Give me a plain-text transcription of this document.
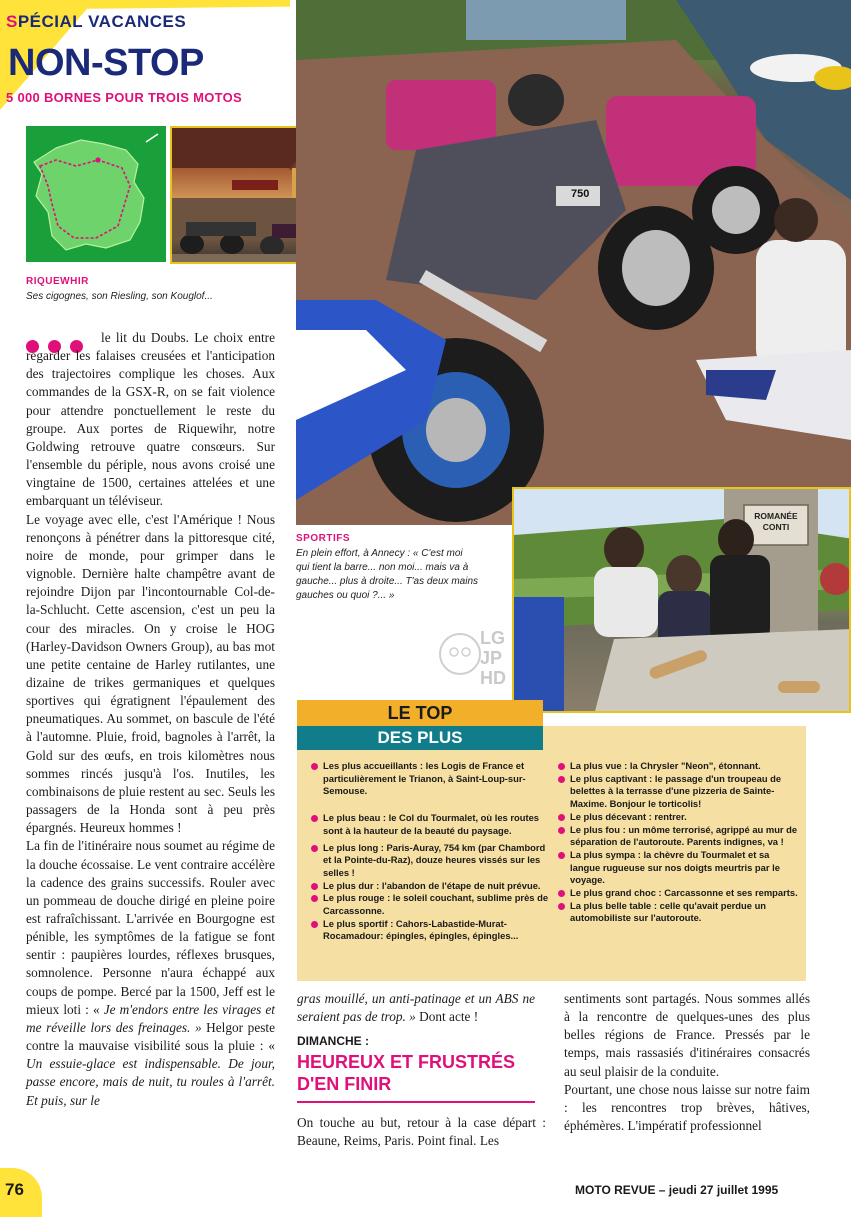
SPÉCIAL VACANCES
NON-STOP
5 000 BORNES POUR TROIS MOTOS
RIQUEWHIR
Ses cigognes, son Riesling, son Kouglof...
750
SPORTIFS
En plein effort, à Annecy : « C'est moi
qui tient la barre... non moi... mais va à
gauche... plus à droite... T'as deux mains
gauches ou quoi ?... »
ROMANÉE CONTI
LG
JP
HD

le lit du Doubs. Le choix entre regarder les falaises creusées et l'anticipation des trajectoires complique les choses. Aux commandes de la GSX-R, on se fait violence pour attendre ponctuellement le reste du groupe. Aux portes de Riquewihr, notre Goldwing retrouve quatre consœurs. Sur l'ensemble du périple, nous avons croisé une vingtaine de 1500, certaines attelées et une embarquant un téléviseur.

Le voyage avec elle, c'est l'Amérique ! Nous renonçons à pénétrer dans la pittoresque cité, noire de monde, pour grimper dans le vignoble. Dernière halte champêtre avant de rejoindre Dijon par l'incontournable Col-de-la-Schlucht. Cette ascension, c'est un peu la cour des miracles. On y croise le HOG (Harley-Davidson Owners Group), au bas mot une petite centaine de Harley rutilantes, une dizaine de trikes germaniques et quelques sportives qui égratignent l'épaulement des pneumatiques. Au sommet, on bascule de l'été à l'automne. Pluie, froid, bagnoles à l'arrêt, la Gold sur des œufs, en trois kilomètres nous sommes rincés jusqu'à l'os. Inutiles, les combinaisons de pluie restent au sec. Seuls les passagers de la Honda sont à peu près épargnés. Heureux hommes !

La fin de l'itinéraire nous soumet au régime de la douche écossaise. Le vent contraire accélère la cadence des grains successifs. Rouler avec un pommeau de douche dirigé en pleine poire est rafraîchissant. L'arrivée en Bourgogne est pénible, les symptômes de la fatigue se font sentir : paupières lourdes, réflexes brusques, somnolence. Personne n'aura échappé aux coups de pompe. Bercé par la 1500, Jeff est le mieux loti : « Je m'endors entre les virages et me réveille lors des freinages. » Helgor peste contre la mauvaise visibilité sous la pluie : « Un essuie-glace est indispensable. De jour, passe encore, mais de nuit, tu roules à l'arrêt. Et puis, sur le

LE TOP
DES PLUS
Les plus accueillants : les Logis de France et particulièrement le Trianon, à Saint-Loup-sur-Semouse.
Le plus beau : le Col du Tourmalet, où les routes sont à la hauteur de la beauté du paysage.
Le plus long : Paris-Auray, 754 km (par Chambord et la Pointe-du-Raz), douze heures vissés sur les selles !
Le plus dur : l'abandon de l'étape de nuit prévue.
Le plus rouge : le soleil couchant, sublime près de Carcassonne.
Le plus sportif : Cahors-Labastide-Murat-Rocamadour: épingles, épingles, épingles...
La plus vue : la Chrysler "Neon", étonnant.
Le plus captivant : le passage d'un troupeau de belettes à la terrasse d'une pizzeria de Sainte-Maxime. Bonjour le torticolis!
Le plus décevant : rentrer.
Le plus fou : un môme terrorisé, agrippé au mur de séparation de l'autoroute. Parents indignes, va !
La plus sympa : la chèvre du Tourmalet et sa langue rugueuse sur nos doigts meurtris par le voyage.
Le plus grand choc : Carcassonne et ses remparts.
La plus belle table : celle qu'avait perdue un automobiliste sur l'autoroute.

gras mouillé, un anti-patinage et un ABS ne seraient pas de trop. » Dont acte !

DIMANCHE :
HEUREUX ET FRUSTRÉS
D'EN FINIR
On touche au but, retour à la case départ : Beaune, Reims, Paris. Point final. Les

sentiments sont partagés. Nous sommes allés à la rencontre de quelques-unes des plus belles régions de France. Pressés par le temps, mais rassasiés d'itinéraires consacrés au seul plaisir de la conduite.

Pourtant, une chose nous laisse sur notre faim : les rencontres trop brèves, hâtives, éphémères. L'impératif professionnel

76	MOTO REVUE – jeudi 27 juillet 1995
